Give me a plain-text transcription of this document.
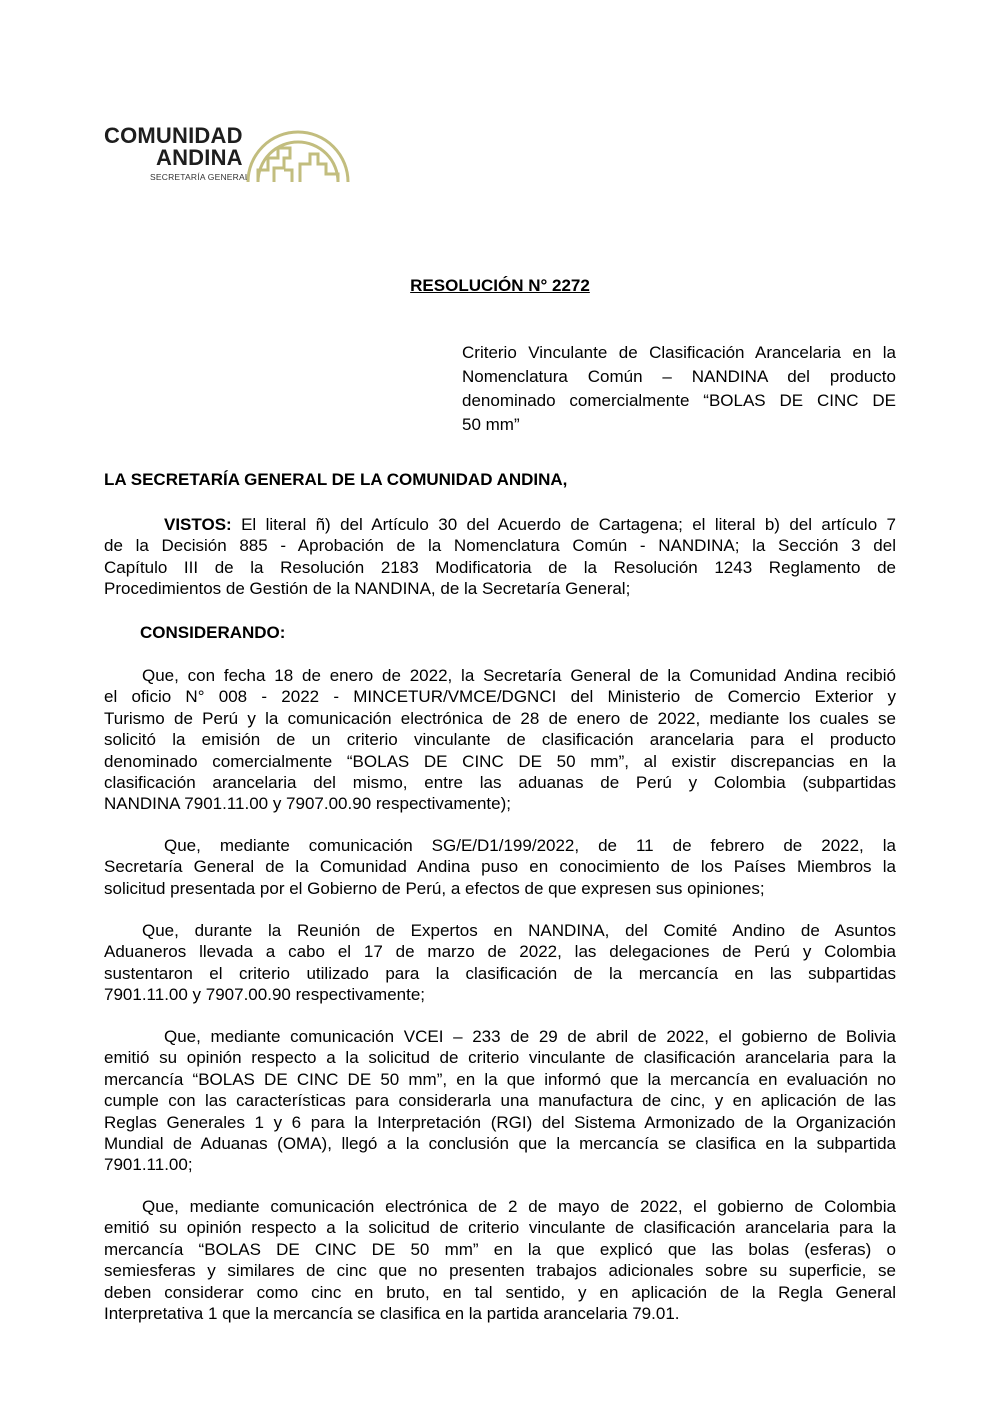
COMUNIDAD
ANDINA
SECRETARÍA GENERAL
RESOLUCIÓN N° 2272
Criterio Vinculante de Clasificación Arancelaria en la
Nomenclatura Común – NANDINA del producto
denominado comercialmente “BOLAS DE CINC DE
50 mm”
LA SECRETARÍA GENERAL DE LA COMUNIDAD ANDINA,
VISTOS: El literal ñ) del Artículo 30 del Acuerdo de Cartagena; el literal b) del artículo 7
de la Decisión 885 - Aprobación de la Nomenclatura Común - NANDINA; la Sección 3 del
Capítulo III de la Resolución 2183 Modificatoria de la Resolución 1243 Reglamento de
Procedimientos de Gestión de la NANDINA, de la Secretaría General;
CONSIDERANDO:
Que, con fecha 18 de enero de 2022, la Secretaría General de la Comunidad Andina recibió
el oficio N° 008 - 2022 - MINCETUR/VMCE/DGNCI del Ministerio de Comercio Exterior y
Turismo de Perú y la comunicación electrónica de 28 de enero de 2022, mediante los cuales se
solicitó la emisión de un criterio vinculante de clasificación arancelaria para el producto
denominado comercialmente “BOLAS DE CINC DE 50 mm”, al existir discrepancias en la
clasificación arancelaria del mismo, entre las aduanas de Perú y Colombia (subpartidas
NANDINA 7901.11.00 y 7907.00.90 respectivamente);
Que, mediante comunicación SG/E/D1/199/2022, de 11 de febrero de 2022, la
Secretaría General de la Comunidad Andina puso en conocimiento de los Países Miembros la
solicitud presentada por el Gobierno de Perú, a efectos de que expresen sus opiniones;
Que, durante la Reunión de Expertos en NANDINA, del Comité Andino de Asuntos
Aduaneros llevada a cabo el 17 de marzo de 2022, las delegaciones de Perú y Colombia
sustentaron el criterio utilizado para la clasificación de la mercancía en las subpartidas
7901.11.00 y 7907.00.90 respectivamente;
Que, mediante comunicación VCEI – 233 de 29 de abril de 2022, el gobierno de Bolivia
emitió su opinión respecto a la solicitud de criterio vinculante de clasificación arancelaria para la
mercancía “BOLAS DE CINC DE 50 mm”, en la que informó que la mercancía en evaluación no
cumple con las características para considerarla una manufactura de cinc, y en aplicación de las
Reglas Generales 1 y 6 para la Interpretación (RGI) del Sistema Armonizado de la Organización
Mundial de Aduanas (OMA), llegó a la conclusión que la mercancía se clasifica en la subpartida
7901.11.00;
Que, mediante comunicación electrónica de 2 de mayo de 2022, el gobierno de Colombia
emitió su opinión respecto a la solicitud de criterio vinculante de clasificación arancelaria para la
mercancía “BOLAS DE CINC DE 50 mm” en la que explicó que las bolas (esferas) o
semiesferas y similares de cinc que no presenten trabajos adicionales sobre su superficie, se
deben considerar como cinc en bruto, en tal sentido, y en aplicación de la Regla General
Interpretativa 1 que la mercancía se clasifica en la partida arancelaria 79.01.
